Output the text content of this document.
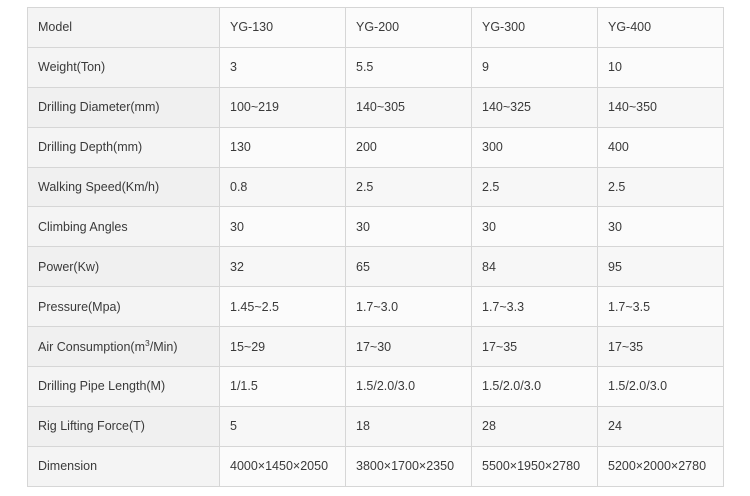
Model	YG-130	YG-200	YG-300	YG-400
Weight(Ton)	3	5.5	9	10
Drilling Diameter(mm)	100~219	140~305	140~325	140~350
Drilling Depth(mm)	130	200	300	400
Walking Speed(Km/h)	0.8	2.5	2.5	2.5
Climbing Angles	30	30	30	30
Power(Kw)	32	65	84	95
Pressure(Mpa)	1.45~2.5	1.7~3.0	1.7~3.3	1.7~3.5
Air $Consumption(m^3/Min)$	15~29	17~30	17~35	17~35
Drilling Pipe Length(M)	1/1.5	1.5/2.0/3.0	1.5/2.0/3.0	1.5/2.0/3.0
Rig Lifting Force(T)	5	18	28	24
Dimension	4000×1450×2050	3800×1700×2350	5500×1950×2780	5200×2000×2780
